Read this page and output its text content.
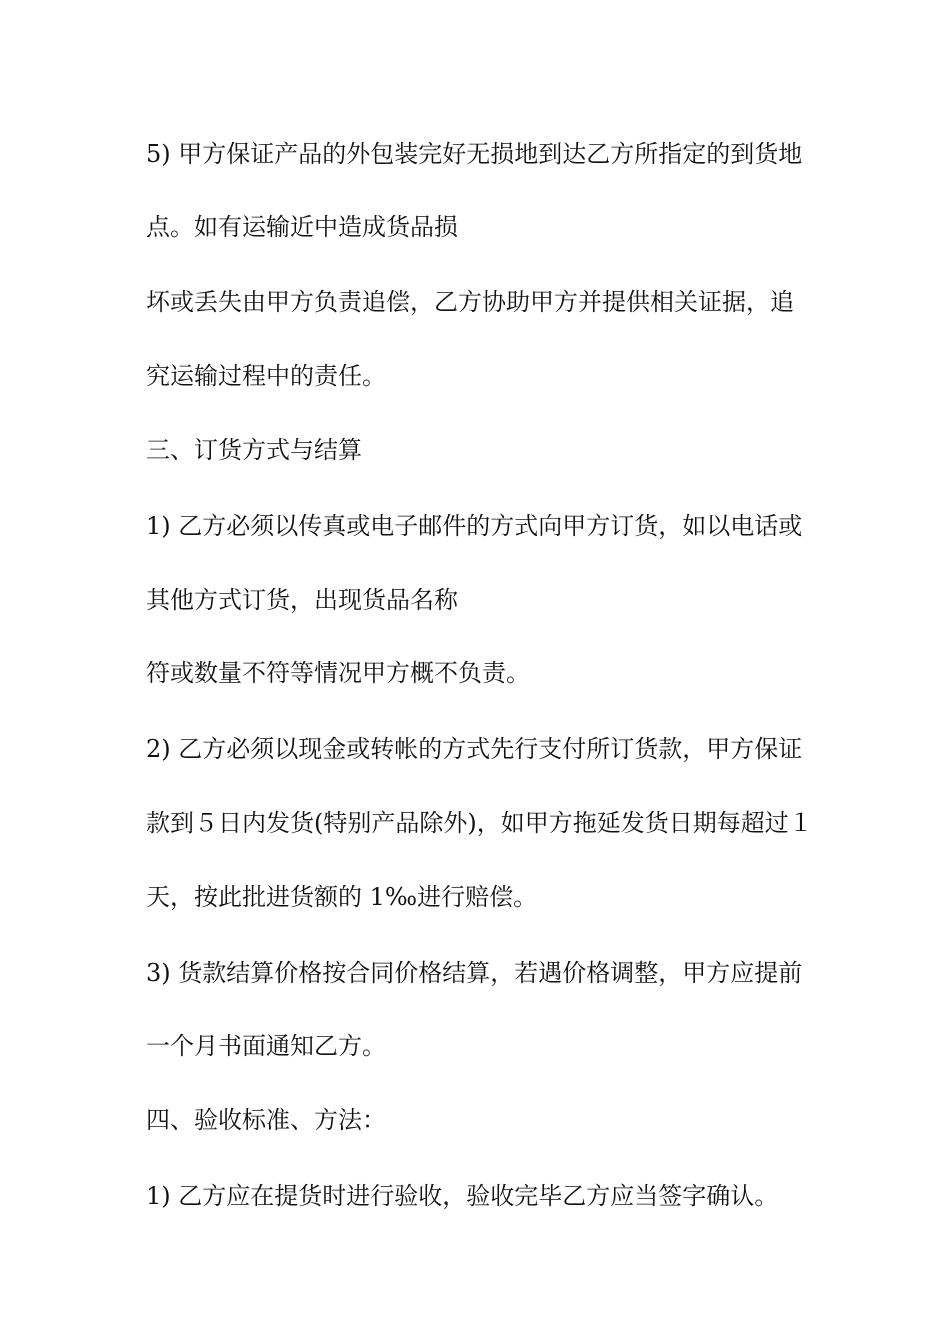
5) 甲方保证产品的外包装完好无损地到达乙方所指定的到货地

点。如有运输近中造成货品损

坏或丢失由甲方负责追偿，乙方协助甲方并提供相关证据，追

究运输过程中的责任。

三、订货方式与结算

1) 乙方必须以传真或电子邮件的方式向甲方订货，如以电话或

其他方式订货，出现货品名称

符或数量不符等情况甲方概不负责。

2) 乙方必须以现金或转帐的方式先行支付所订货款，甲方保证

款到５日内发货(特别产品除外)，如甲方拖延发货日期每超过１

天，按此批进货额的 1‰进行赔偿。

3) 货款结算价格按合同价格结算，若遇价格调整，甲方应提前

一个月书面通知乙方。

四、验收标准、方法：

1) 乙方应在提货时进行验收，验收完毕乙方应当签字确认。
